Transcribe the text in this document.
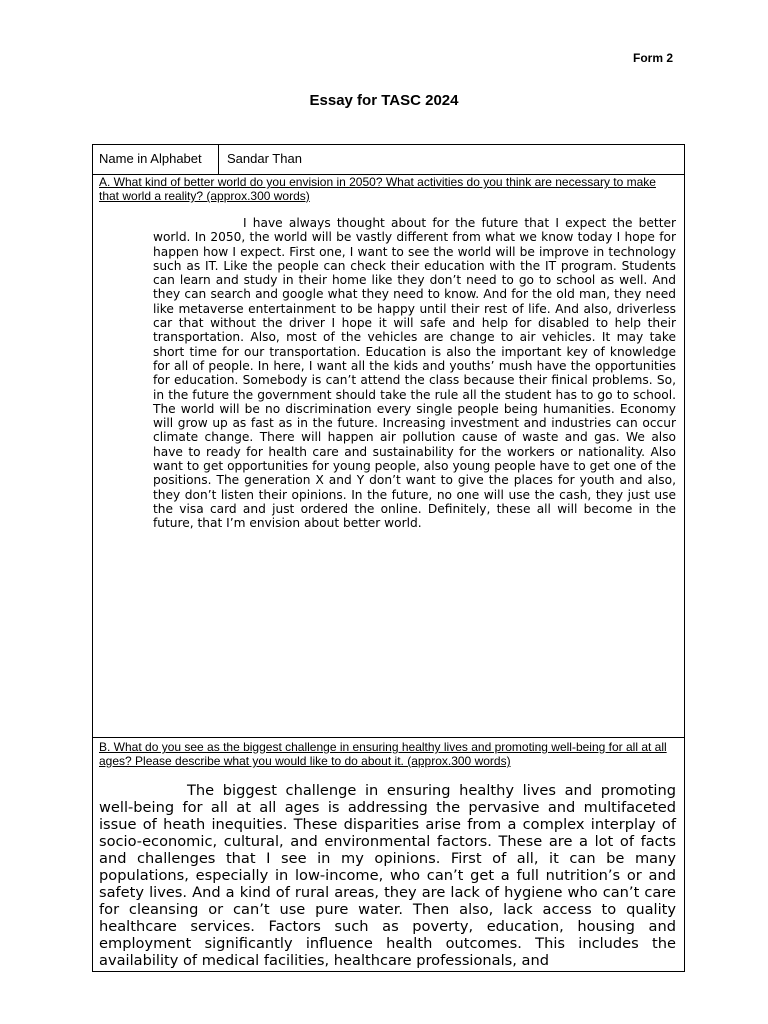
Form 2
Essay for TASC 2024
Name in Alphabet	Sandar Than
A. What kind of better world do you envision in 2050? What activities do you think are necessary to make that world a reality? (approx.300 words)
I have always thought about for the future that I expect the better world. In 2050, the world will be vastly different from what we know today I hope for happen how I expect. First one, I want to see the world will be improve in technology such as IT. Like the people can check their education with the IT program. Students can learn and study in their home like they don’t need to go to school as well. And they can search and google what they need to know. And for the old man, they need like metaverse entertainment to be happy until their rest of life. And also, driverless car that without the driver I hope it will safe and help for disabled to help their transportation. Also, most of the vehicles are change to air vehicles. It may take short time for our transportation. Education is also the important key of knowledge for all of people. In here, I want all the kids and youths’ mush have the opportunities for education. Somebody is can’t attend the class because their finical problems. So, in the future the government should take the rule all the student has to go to school. The world will be no discrimination every single people being humanities. Economy will grow up as fast as in the future. Increasing investment and industries can occur climate change. There will happen air pollution cause of waste and gas. We also have to ready for health care and sustainability for the workers or nationality. Also want to get opportunities for young people, also young people have to get one of the positions. The generation X and Y don’t want to give the places for youth and also, they don’t listen their opinions. In the future, no one will use the cash, they just use the visa card and just ordered the online. Definitely, these all will become in the future, that I’m envision about better world.
B. What do you see as the biggest challenge in ensuring healthy lives and promoting well-being for all at all ages? Please describe what you would like to do about it. (approx.300 words)
The biggest challenge in ensuring healthy lives and promoting well-being for all at all ages is addressing the pervasive and multifaceted issue of heath inequities. These disparities arise from a complex interplay of socio-economic, cultural, and environmental factors. These are a lot of facts and challenges that I see in my opinions. First of all, it can be many populations, especially in low-income, who can’t get a full nutrition’s or and safety lives. And a kind of rural areas, they are lack of hygiene who can’t care for cleansing or can’t use pure water. Then also, lack access to quality healthcare services. Factors such as poverty, education, housing and employment significantly influence health outcomes. This includes the availability of medical facilities, healthcare professionals, and
